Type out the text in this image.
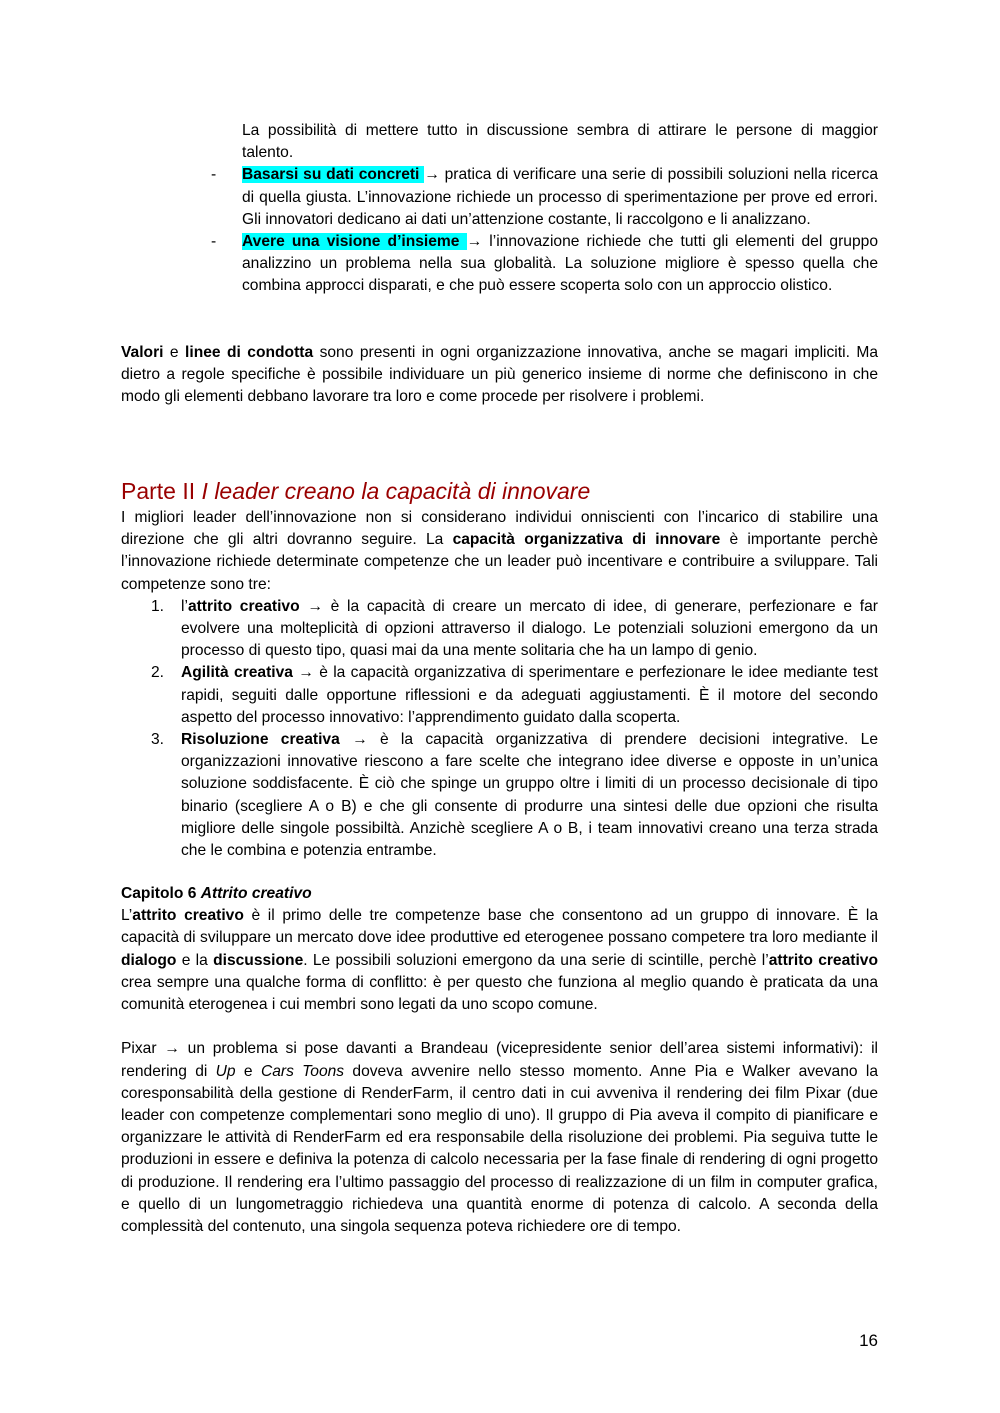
La possibilità di mettere tutto in discussione sembra di attirare le persone di maggior talento.
- Basarsi su dati concreti → pratica di verificare una serie di possibili soluzioni nella ricerca di quella giusta. L’innovazione richiede un processo di sperimentazione per prove ed errori. Gli innovatori dedicano ai dati un’attenzione costante, li raccolgono e li analizzano.
- Avere una visione d’insieme → l’innovazione richiede che tutti gli elementi del gruppo analizzino un problema nella sua globalità. La soluzione migliore è spesso quella che combina approcci disparati, e che può essere scoperta solo con un approccio olistico.

Valori e linee di condotta sono presenti in ogni organizzazione innovativa, anche se magari impliciti. Ma dietro a regole specifiche è possibile individuare un più generico insieme di norme che definiscono in che modo gli elementi debbano lavorare tra loro e come procede per risolvere i problemi.

Parte II I leader creano la capacità di innovare

I migliori leader dell’innovazione non si considerano individui onniscienti con l’incarico di stabilire una direzione che gli altri dovranno seguire. La capacità organizzativa di innovare è importante perchè l’innovazione richiede determinate competenze che un leader può incentivare e contribuire a sviluppare. Tali competenze sono tre:

1. l’attrito creativo → è la capacità di creare un mercato di idee, di generare, perfezionare e far evolvere una molteplicità di opzioni attraverso il dialogo. Le potenziali soluzioni emergono da un processo di questo tipo, quasi mai da una mente solitaria che ha un lampo di genio.
2. Agilità creativa → è la capacità organizzativa di sperimentare e perfezionare le idee mediante test rapidi, seguiti dalle opportune riflessioni e da adeguati aggiustamenti. È il motore del secondo aspetto del processo innovativo: l’apprendimento guidato dalla scoperta.
3. Risoluzione creativa → è la capacità organizzativa di prendere decisioni integrative. Le organizzazioni innovative riescono a fare scelte che integrano idee diverse e opposte in un’unica soluzione soddisfacente. È ciò che spinge un gruppo oltre i limiti di un processo decisionale di tipo binario (scegliere A o B) e che gli consente di produrre una sintesi delle due opzioni che risulta migliore delle singole possibiltà. Anzichè scegliere A o B, i team innovativi creano una terza strada che le combina e potenzia entrambe.

Capitolo 6 Attrito creativo

L’attrito creativo è il primo delle tre competenze base che consentono ad un gruppo di innovare. È la capacità di sviluppare un mercato dove idee produttive ed eterogenee possano competere tra loro mediante il dialogo e la discussione. Le possibili soluzioni emergono da una serie di scintille, perchè l’attrito creativo crea sempre una qualche forma di conflitto: è per questo che funziona al meglio quando è praticata da una comunità eterogenea i cui membri sono legati da uno scopo comune.

Pixar → un problema si pose davanti a Brandeau (vicepresidente senior dell’area sistemi informativi): il rendering di Up e Cars Toons doveva avvenire nello stesso momento. Anne Pia e Walker avevano la coresponsabilità della gestione di RenderFarm, il centro dati in cui avveniva il rendering dei film Pixar (due leader con competenze complementari sono meglio di uno). Il gruppo di Pia aveva il compito di pianificare e organizzare le attività di RenderFarm ed era responsabile della risoluzione dei problemi. Pia seguiva tutte le produzioni in essere e definiva la potenza di calcolo necessaria per la fase finale di rendering di ogni progetto di produzione. Il rendering era l’ultimo passaggio del processo di realizzazione di un film in computer grafica, e quello di un lungometraggio richiedeva una quantità enorme di potenza di calcolo. A seconda della complessità del contenuto, una singola sequenza poteva richiedere ore di tempo.

16
